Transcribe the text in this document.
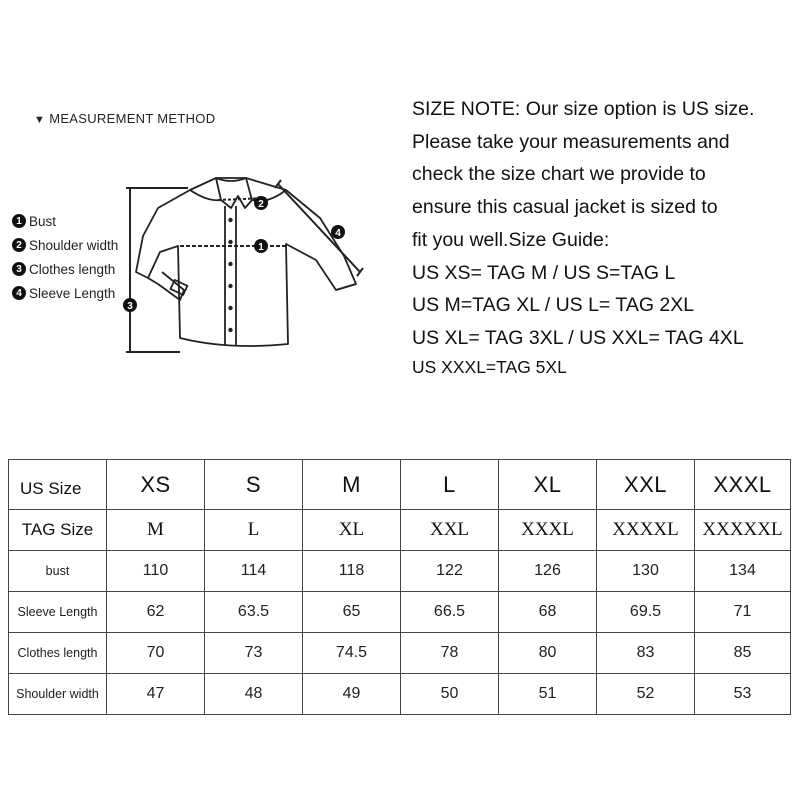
▼ MEASUREMENT METHOD
1 Bust
2 Shoulder width
3 Clothes length
4 Sleeve Length
1
2
3
4
SIZE NOTE: Our size option is US size.
Please take your measurements and
check the size chart we provide to
ensure this casual jacket is sized to
fit you well.Size Guide:
US XS= TAG M / US S=TAG L
US M=TAG XL / US L= TAG 2XL
US XL= TAG 3XL / US XXL= TAG 4XL
US XXXL=TAG 5XL
US Size	XS	S	M	L	XL	XXL	XXXL
TAG Size	M	L	XL	XXL	XXXL	XXXXL	XXXXXL
bust	110	114	118	122	126	130	134
Sleeve Length	62	63.5	65	66.5	68	69.5	71
Clothes length	70	73	74.5	78	80	83	85
Shoulder width	47	48	49	50	51	52	53
